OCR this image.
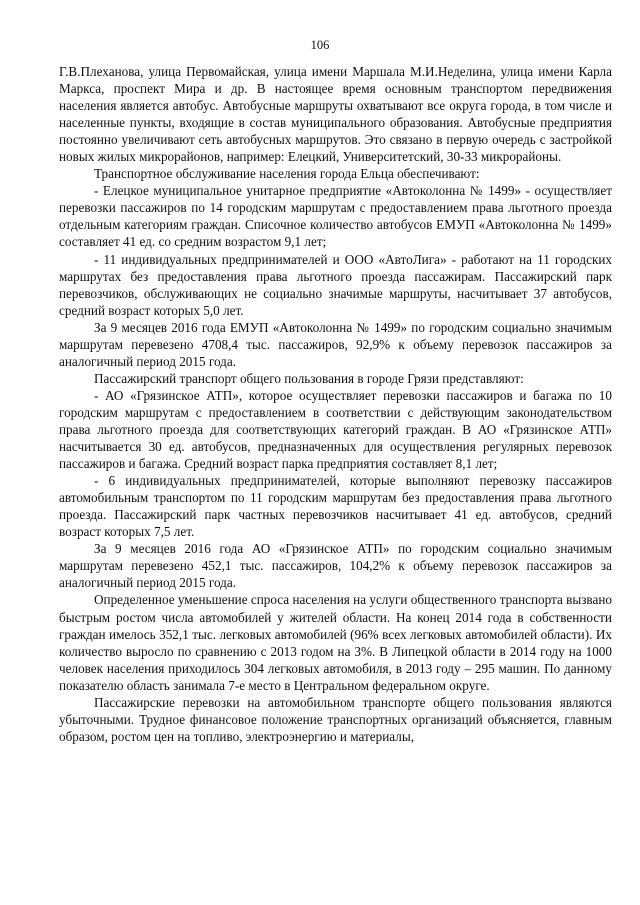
106

Г.В.Плеханова, улица Первомайская, улица имени Маршала М.И.Неделина, улица имени Карла Маркса, проспект Мира и др. В настоящее время основным транспортом передвижения населения является автобус. Автобусные маршруты охватывают все округа города, в том числе и населенные пункты, входящие в состав муниципального образования. Автобусные предприятия постоянно увеличивают сеть автобусных маршрутов. Это связано в первую очередь с застройкой новых жилых микрорайонов, например: Елецкий, Университетский, 30-33 микрорайоны.

Транспортное обслуживание населения города Ельца обеспечивают:

- Елецкое муниципальное унитарное предприятие «Автоколонна № 1499» - осуществляет перевозки пассажиров по 14 городским маршрутам с предоставлением права льготного проезда отдельным категориям граждан. Списочное количество автобусов ЕМУП «Автоколонна № 1499» составляет 41 ед. со средним возрастом 9,1 лет;

- 11 индивидуальных предпринимателей и ООО «АвтоЛига» - работают на 11 городских маршрутах без предоставления права льготного проезда пассажирам. Пассажирский парк перевозчиков, обслуживающих не социально значимые маршруты, насчитывает 37 автобусов, средний возраст которых 5,0 лет.

За 9 месяцев 2016 года ЕМУП «Автоколонна № 1499» по городским социально значимым маршрутам перевезено 4708,4 тыс. пассажиров, 92,9% к объему перевозок пассажиров за аналогичный период 2015 года.

Пассажирский транспорт общего пользования в городе Грязи представляют:

- АО «Грязинское АТП», которое осуществляет перевозки пассажиров и багажа по 10 городским маршрутам с предоставлением в соответствии с действующим законодательством права льготного проезда для соответствующих категорий граждан. В АО «Грязинское АТП» насчитывается 30 ед. автобусов, предназначенных для осуществления регулярных перевозок пассажиров и багажа. Средний возраст парка предприятия составляет 8,1 лет;

- 6 индивидуальных предпринимателей, которые выполняют перевозку пассажиров автомобильным транспортом по 11 городским маршрутам без предоставления права льготного проезда. Пассажирский парк частных перевозчиков насчитывает 41 ед. автобусов, средний возраст которых 7,5 лет.

За 9 месяцев 2016 года АО «Грязинское АТП» по городским социально значимым маршрутам перевезено 452,1 тыс. пассажиров, 104,2% к объему перевозок пассажиров за аналогичный период 2015 года.

Определенное уменьшение спроса населения на услуги общественного транспорта вызвано быстрым ростом числа автомобилей у жителей области. На конец 2014 года в собственности граждан имелось 352,1 тыс. легковых автомобилей (96% всех легковых автомобилей области). Их количество выросло по сравнению с 2013 годом на 3%. В Липецкой области в 2014 году на 1000 человек населения приходилось 304 легковых автомобиля, в 2013 году – 295 машин. По данному показателю область занимала 7-е место в Центральном федеральном округе.

Пассажирские перевозки на автомобильном транспорте общего пользования являются убыточными. Трудное финансовое положение транспортных организаций объясняется, главным образом, ростом цен на топливо, электроэнергию и материалы,
